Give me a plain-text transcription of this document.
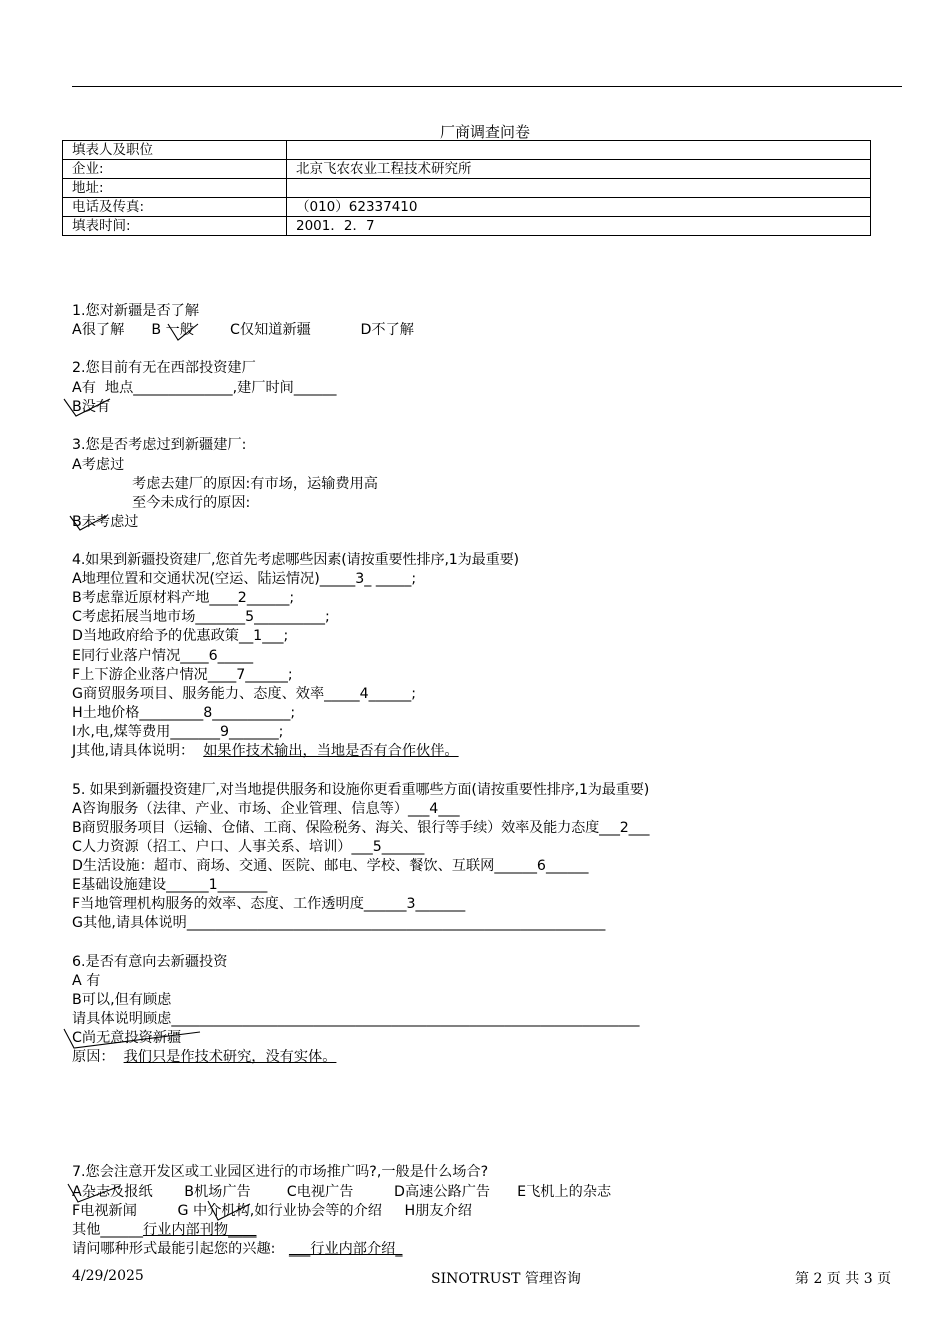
厂商调查问卷
填表人及职位	
企业:	北京飞农农业工程技术研究所
地址:	
电话及传真:	（010）62337410
填表时间:	2001．2．7
1.您对新疆是否了解
A很了解      B 一般        C仅知道新疆           D不了解
2.您目前有无在西部投资建厂
A有  地点______________,建厂时间______
B没有
3.您是否考虑过到新疆建厂:
A考虑过
考虑去建厂的原因:有市场，运输费用高
至今未成行的原因:
B未考虑过
4.如果到新疆投资建厂,您首先考虑哪些因素(请按重要性排序,1为最重要)
A地理位置和交通状况(空运、陆运情况)_____3_ _____;
B考虑靠近原材料产地____2______;
C考虑拓展当地市场_______5__________;
D当地政府给予的优惠政策__1___;
E同行业落户情况____6_____
F上下游企业落户情况____7______;
G商贸服务项目、服务能力、态度、效率_____4______;
H土地价格_________8___________;
I水,电,煤等费用_______9_______;
J其他,请具体说明：  如果作技术输出，当地是否有合作伙伴。
5. 如果到新疆投资建厂,对当地提供服务和设施你更看重哪些方面(请按重要性排序,1为最重要)
A咨询服务（法律、产业、市场、企业管理、信息等）___4___
B商贸服务项目（运输、仓储、工商、保险税务、海关、银行等手续）效率及能力态度___2___
C人力资源（招工、户口、人事关系、培训）___5______
D生活设施：超市、商场、交通、医院、邮电、学校、餐饮、互联网______6______
E基础设施建设______1_______
F当地管理机构服务的效率、态度、工作透明度______3_______
G其他,请具体说明___________________________________________________________
6.是否有意向去新疆投资
A 有
B可以,但有顾虑
请具体说明顾虑__________________________________________________________________
C尚无意投资新疆
原因：  我们只是作技术研究，没有实体。
7.您会注意开发区或工业园区进行的市场推广吗?,一般是什么场合?
A杂志及报纸       B机场广告        C电视广告         D高速公路广告      E飞机上的杂志
F电视新闻         G 中介机构,如行业协会等的介绍     H朋友介绍
其他______行业内部刊物____
请问哪种形式最能引起您的兴趣:   ___行业内部介绍_
4/29/2025	SINOTRUST 管理咨询	第 2 页 共 3 页
